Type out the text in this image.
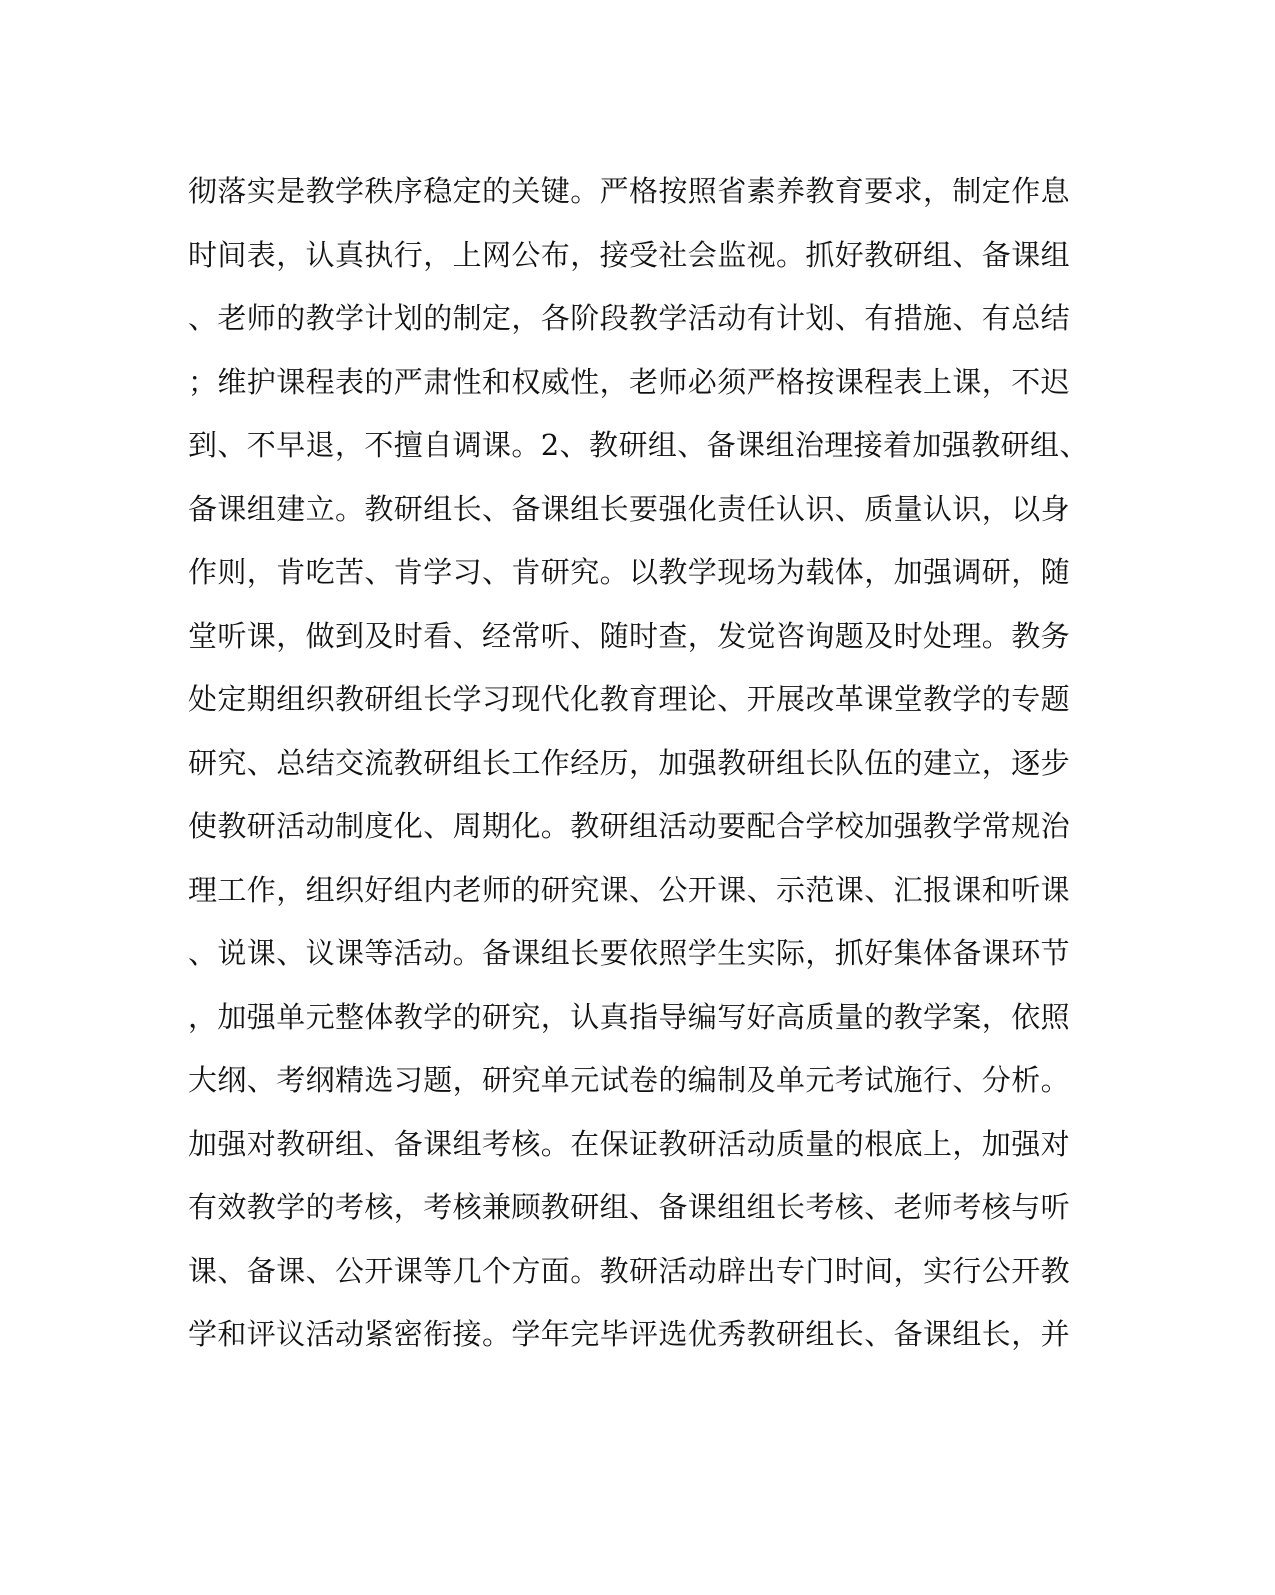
彻落实是教学秩序稳定的关键。严格按照省素养教育要求，制定作息
时间表，认真执行，上网公布，接受社会监视。抓好教研组、备课组
、老师的教学计划的制定，各阶段教学活动有计划、有措施、有总结
；维护课程表的严肃性和权威性，老师必须严格按课程表上课，不迟
到、不早退，不擅自调课。2、教研组、备课组治理接着加强教研组、
备课组建立。教研组长、备课组长要强化责任认识、质量认识，以身
作则，肯吃苦、肯学习、肯研究。以教学现场为载体，加强调研，随
堂听课，做到及时看、经常听、随时查，发觉咨询题及时处理。教务
处定期组织教研组长学习现代化教育理论、开展改革课堂教学的专题
研究、总结交流教研组长工作经历，加强教研组长队伍的建立，逐步
使教研活动制度化、周期化。教研组活动要配合学校加强教学常规治
理工作，组织好组内老师的研究课、公开课、示范课、汇报课和听课
、说课、议课等活动。备课组长要依照学生实际，抓好集体备课环节
，加强单元整体教学的研究，认真指导编写好高质量的教学案，依照
大纲、考纲精选习题，研究单元试卷的编制及单元考试施行、分析。
加强对教研组、备课组考核。在保证教研活动质量的根底上，加强对
有效教学的考核，考核兼顾教研组、备课组组长考核、老师考核与听
课、备课、公开课等几个方面。教研活动辟出专门时间，实行公开教
学和评议活动紧密衔接。学年完毕评选优秀教研组长、备课组长，并
